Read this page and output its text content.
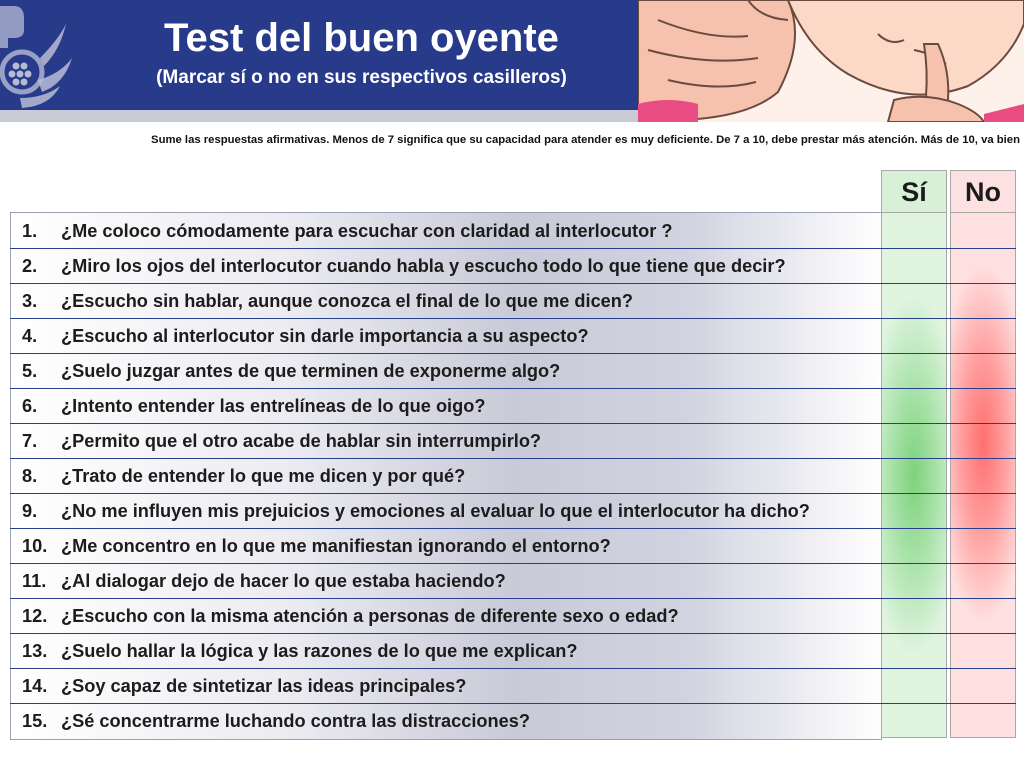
Test del buen oyente
(Marcar sí o no en sus respectivos casilleros)
Sume las respuestas afirmativas. Menos de 7 significa que su capacidad para atender es muy deficiente. De 7 a 10, debe prestar más atención. Más de 10, va bien
Sí	No
1. ¿Me coloco cómodamente para escuchar con claridad al interlocutor ?
2. ¿Miro los ojos del interlocutor cuando habla y escucho todo lo que tiene que decir?
3. ¿Escucho sin hablar, aunque conozca el final de lo que me dicen?
4. ¿Escucho al interlocutor sin darle importancia a su aspecto?
5. ¿Suelo juzgar antes de que terminen de exponerme algo?
6. ¿Intento entender las entrelíneas de lo que oigo?
7. ¿Permito que el otro acabe de hablar sin interrumpirlo?
8. ¿Trato de entender lo que me dicen y por qué?
9. ¿No me influyen mis prejuicios y emociones al evaluar lo que el interlocutor ha dicho?
10. ¿Me concentro en lo que me manifiestan ignorando el entorno?
11. ¿Al dialogar dejo de hacer lo que estaba haciendo?
12. ¿Escucho con la misma atención a personas de diferente sexo o edad?
13. ¿Suelo hallar la lógica y las razones de lo que me explican?
14. ¿Soy capaz de sintetizar las ideas principales?
15. ¿Sé concentrarme luchando contra las distracciones?
